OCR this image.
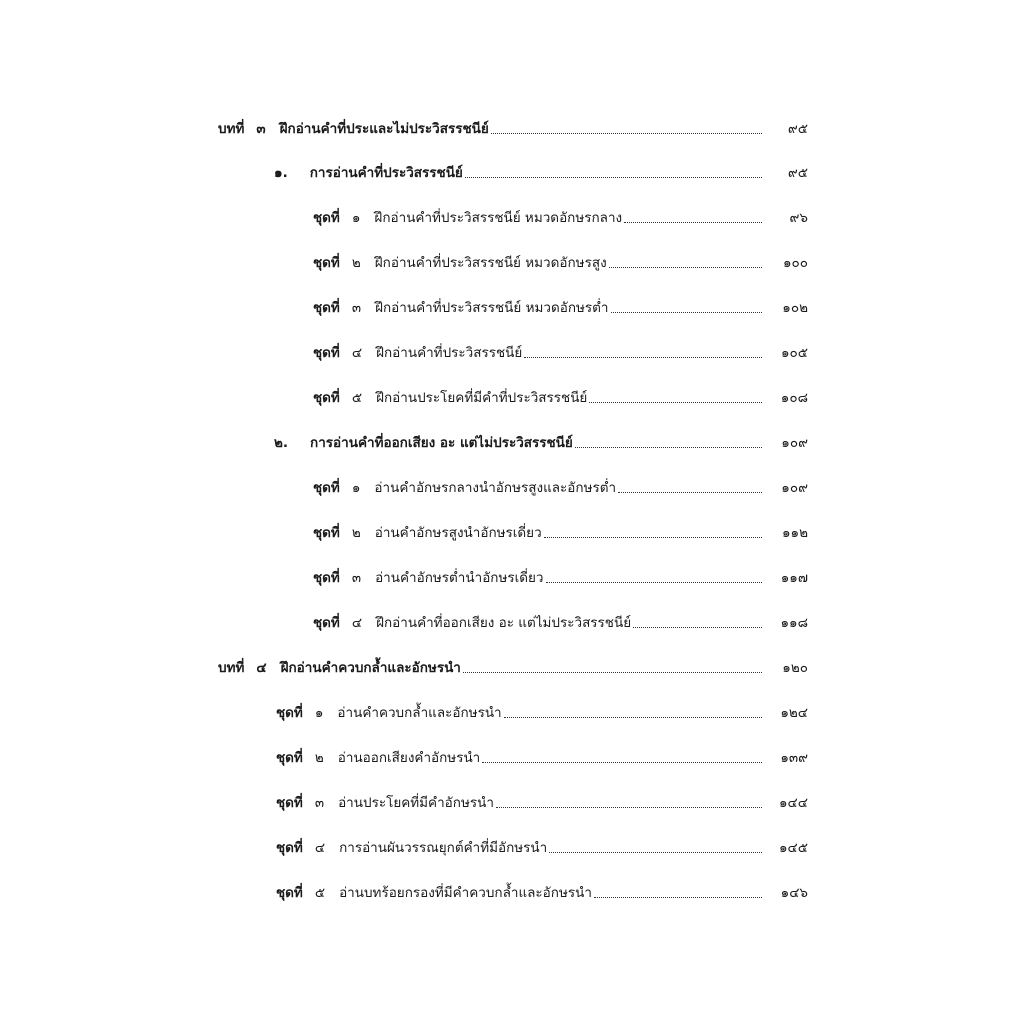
บทที่ ๓ ฝึกอ่านคำที่ประและไม่ประวิสรรชนีย์	๙๕
๑. การอ่านคำที่ประวิสรรชนีย์	๙๕
ชุดที่ ๑ ฝึกอ่านคำที่ประวิสรรชนีย์ หมวดอักษรกลาง	๙๖
ชุดที่ ๒ ฝึกอ่านคำที่ประวิสรรชนีย์ หมวดอักษรสูง	๑๐๐
ชุดที่ ๓ ฝึกอ่านคำที่ประวิสรรชนีย์ หมวดอักษรต่ำ	๑๐๒
ชุดที่ ๔ ฝึกอ่านคำที่ประวิสรรชนีย์	๑๐๕
ชุดที่ ๕ ฝึกอ่านประโยคที่มีคำที่ประวิสรรชนีย์	๑๐๘
๒. การอ่านคำที่ออกเสียง อะ แต่ไม่ประวิสรรชนีย์	๑๐๙
ชุดที่ ๑ อ่านคำอักษรกลางนำอักษรสูงและอักษรต่ำ	๑๐๙
ชุดที่ ๒ อ่านคำอักษรสูงนำอักษรเดี่ยว	๑๑๒
ชุดที่ ๓ อ่านคำอักษรต่ำนำอักษรเดี่ยว	๑๑๗
ชุดที่ ๔ ฝึกอ่านคำที่ออกเสียง อะ แต่ไม่ประวิสรรชนีย์	๑๑๘
บทที่ ๔ ฝึกอ่านคำควบกล้ำและอักษรนำ	๑๒๐
ชุดที่ ๑ อ่านคำควบกล้ำและอักษรนำ	๑๒๔
ชุดที่ ๒ อ่านออกเสียงคำอักษรนำ	๑๓๙
ชุดที่ ๓ อ่านประโยคที่มีคำอักษรนำ	๑๔๔
ชุดที่ ๔ การอ่านผันวรรณยุกต์คำที่มีอักษรนำ	๑๔๕
ชุดที่ ๕ อ่านบทร้อยกรองที่มีคำควบกล้ำและอักษรนำ	๑๔๖
